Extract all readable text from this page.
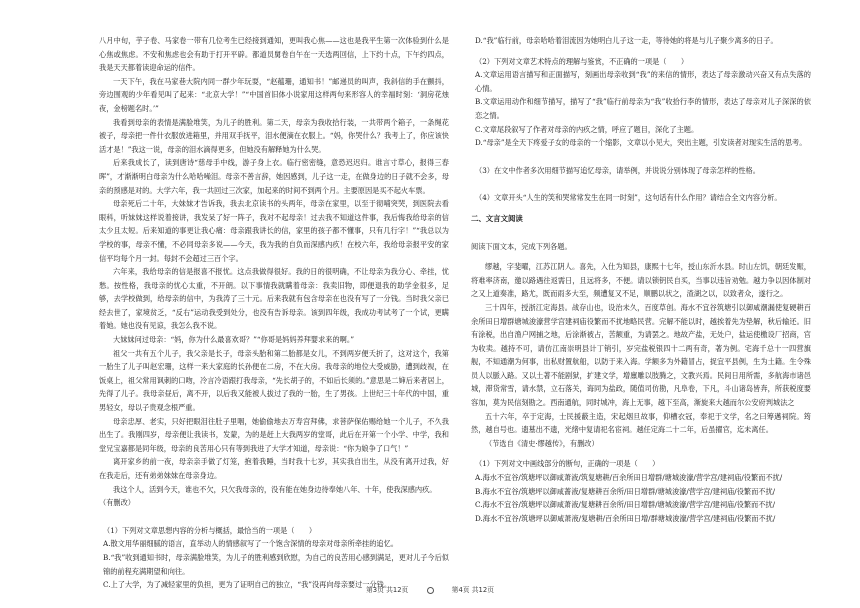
八月中旬，芋子卷、马家卷一带有几位考生已经接到通知，更叫我心焦——这也是我平生第一次体验到什么是心焦或焦虑。不安和焦虑也会有助于打开平辟。都道员舅卷自午在一天选两回信，上下约十点，下午约四点，我是天天都着读迎命运的信件。

一天下午，我在马家巷大院内同一群少年玩耍，“赵蕴珊，通知书！”邮递员的叫声，我斜信的手在颤抖，旁边围观的少年看见叫了起来：“北京大学！”“中国首旧体小说家用这样两句来形容人的幸福时刻：‘洞房花烛夜，金榜题名时。’”

我看到母亲的表情是满脸堆笑，为儿子的胜利。第二天，母亲为我收拾行装，一共带两个箱子，一条绳花被子，母亲把一件什衣服放进箱里，并用双手抚平，泪水便滴在衣服上。“妈，你哭什么？我考上了，你应该快活才是！”我这一说，母亲的泪水滴得更多，但她没有解释她为什么哭。

后来我成长了，读到唐诗“慈母手中线，游子身上衣。临行密密缝，意恐迟迟归。谁言寸草心，报得三春晖”，才渐渐明白母亲为什么哈哈噪泪。母亲不善言辞，她因感到，儿子这一走，在做身边的日子就不会多，母亲的预感是对的。大学六年，我一共回过三次家，加起来的时间不到两个月。主要原因是买不起火车票。

母亲死后二十年，大妹妹才告诉我，我去北京读书的头两年，母亲在家里，以至于彻哺突哭，到医院去看眼科，听妹妹这样说着接讲，我发呆了好一阵子，我对不起母亲！过去我不知道这件事，我后悔我给母亲的信太少且太短。后来知道的事更让我心痛：母亲跟我讲长的信，家里的孩子都不懂事，只有几行字！”“我总以为学校的事，母亲不懂，不必同母亲多说——今天，我为我的自负而深感内疚！在校六年，我给母亲报平安的家信平均每个月一封。每封不会超过三百个字。

六年来，我给母亲的信是报喜不报忧。这点我做得很好。我的日的很明确，不让母亲为我分心、牵挂，忧愁。按性格，我母亲的忧心太重，不开朗。以下事情我就瞒着母亲：我卖旧物，即便退我的助学金很多，足够，去学校做到，给母亲的信中，为我涛了三十元。后来我就有包含母亲在也没有写了一分钱。当时我父亲已经去世了，家境贫乏，“反右”运动我受到处分，也没有告诉母亲。该到四年级，我成功考试考了一个试，更瞒着她。她也没有见谅，我怎么我不说。

大妹妹问过母亲：“妈，你为什么最喜欢哥？”“你哥是妈妈养拜婴求来的啊。”

祖父一共有五个儿子，我父亲是长子，母亲头胎和第二胎都是女儿，不到两岁便夭折了，这对这个，我第一胎生了儿子叫赵宏珊，这样一来大家庭的长孙便在二房，不在大房。我母亲的地位大受威胁，遭到歧视，在饭桌上，祖父常用讽刺的口吻，冷言冷语跟打我母亲，“先长胡子的，不如后长须的。”意思是二婶后来者居上，先得了儿子。我母亲昼后，离不开，以后我又能被人拔过了我的一胎，生了男孩。上世纪三十年代的中国，重男轻女，母以子贵观念根严重。

母亲忠厚、老实，只好把眼泪往肚子里咽，她偷偷地去万寿宫拜佛，求菩萨保佑赐给她一个儿子，不久我出生了。我刚四岁，母亲便让我读书，发蒙，为的是赶上大我两岁的堂哥，此后在开第一个小学、中学，我和堂兄宝嘉都是同年级，母亲的良苦用心只有等到我进了大学才知道，母亲说：“你为娘争了口气！”

离开家乡的前一夜，母亲亲手做了灯笼，抱着我睡，当时我十七岁，其实我自出生，从没有离开过我，好在我走后，还有弟弟妹妹在母亲身边。

我这个人，活到今天，谁也不欠，只欠我母亲的，没有能在她身边待奉她八年、十年，使我深感内疚。

（有删改）

（1）下列对文章思想内容的分析与概括，最恰当的一项是（　　）

A.散文用华丽细腻的语言，直举动人的情感叙写了一个饱含深情的母亲对母亲所牵挂的追忆。

B.“我”收到通知书时，母亲满脸堆笑，为儿子的胜利感到欣慰，为自己的良苦用心感到满足，更对儿子今后似锦的前程充满期望和向往。

C.上了大学，为了减轻家里的负担，更为了证明自己的独立，“我”没再向母亲要过一分钱。

D.“我”临行前，母亲哈哈着泪流因为她明白儿子这一走，等待她的将是与儿子聚少离多的日子。

（2）下列对文章艺术特点的理解与鉴赏，不正确的一项是（　　）

A.文章运用语言描写和正面描写，刻画出母亲收到“我”的来信的情形，表达了母亲激动兴奋又有点失落的心情。

B.文章运用动作和细节描写，描写了“我”临行前母亲为“我”收拾行李的情形，表达了母亲对儿子深深的依恋之情。

C.文章尾段叙写了作者对母亲的内疚之情，呼应了题目，深化了主题。

D.“母亲”是全天下疼爱子女的母亲的一个缩影，文章以小见大，突出主题，引发读者对现实生活的思考。

（3）在文中作者多次用细节描写追忆母亲，请举例，并说说分别体现了母亲怎样的性格。

（4）文章开头“人生的笑和哭常常发生在同一时刻”，这句话有什么作用？请结合全文内容分析。

二、文言文阅读

阅读下面文本，完成下列各题。

缪越，字斐曜，江苏江阴人。喜先，入仕为知县，康熙十七年，授山东沂水县。时山左饥，朝廷发赈，将难率济南，邀以路遇往返需日，且远将多，不便。请以锁钥民自买，当事以违旨劝勉。越力争以因体制对之又上道奏准，路尤，既而雨多大至，频遭复又不足，顺鹏以状之，渣湖之以，以致者众，遂行之。

三十四年，授浙江定海县。战存山也，设治未久，百度草创。海水不宜谷筑塘引以御咸潮漏使复硬耕百余所田日增群塘城浚濠营学宫建祠庙役繁而不扰地略民营。完解不能以时，越挨着先为垫解，秋后输还。旧有涂税，出自渔户网捕之地，后涂渐被占，苦额重，为请罢之。地故产盐，无处户，盐运使檄设厂招商，官为收卖。越持不可，请仿江南崇明县计丁销引，岁完盐税银四十二两有奇，著为例。宅海千总十一四营旗舰，不知通潮为何事，出私财置航船，以防于来入海。学额多为外籍冒占，捉宜平县例，生为土籍。生令殊员人以脈入路。又以土著不能剧狱，扩建文学，增廪雕以肢腾之，文教兴焉。民间日用所需，多航海市诸邑城，滞货常雪，请水禁，立石落关，诲同为盐政，随值司仿勘，凡阜卷，下凡，斗山诸岛皆奔，所获税度要容加，莫为民信刻勘之。西南通航，同时城冲，海上无事，越下至高，渐旋来大越而尔公安府判城法之

五十六年，卒于定海，士民援蔽主造，宋起烟旦故事，仰槽衣冠，奉祀于文学，名之曰筹邁祠院。筠然，越自号也。遗墓出不遗，光绪中复请祀名宦祠。越任定海二十二年，后虽擢官，迄未离任。

（节选自《清史·缪越传》，有删改）

（1）下列对文中画线部分的断句，正确的一项是（　　）

A.海水不宜谷/筑塘坪以御咸萧液/筑复塘耕/百余所田日增群/塘城浚濠/营学宫/建祠庙/役繁而不扰/

B.海水不宜谷/筑塘坪以御咸蔷液/复塘耕百余所/田日增群/塘城浚濠/营学宫/建祠庙/役繁而不扰/

C.海水不宜谷/筑塘坪以御咸萧液/复塘耕百余所/田日增群/塘城浚濠/营学宫/建祠庙/役繁而不扰/

D.海水不宜谷/筑塘坪以御咸萧液/复塘耕/百余所田日增/群塘城浚濠/营学宫/建祠庙/役繁而不扰/

第3页 共12页	第4页 共12页
